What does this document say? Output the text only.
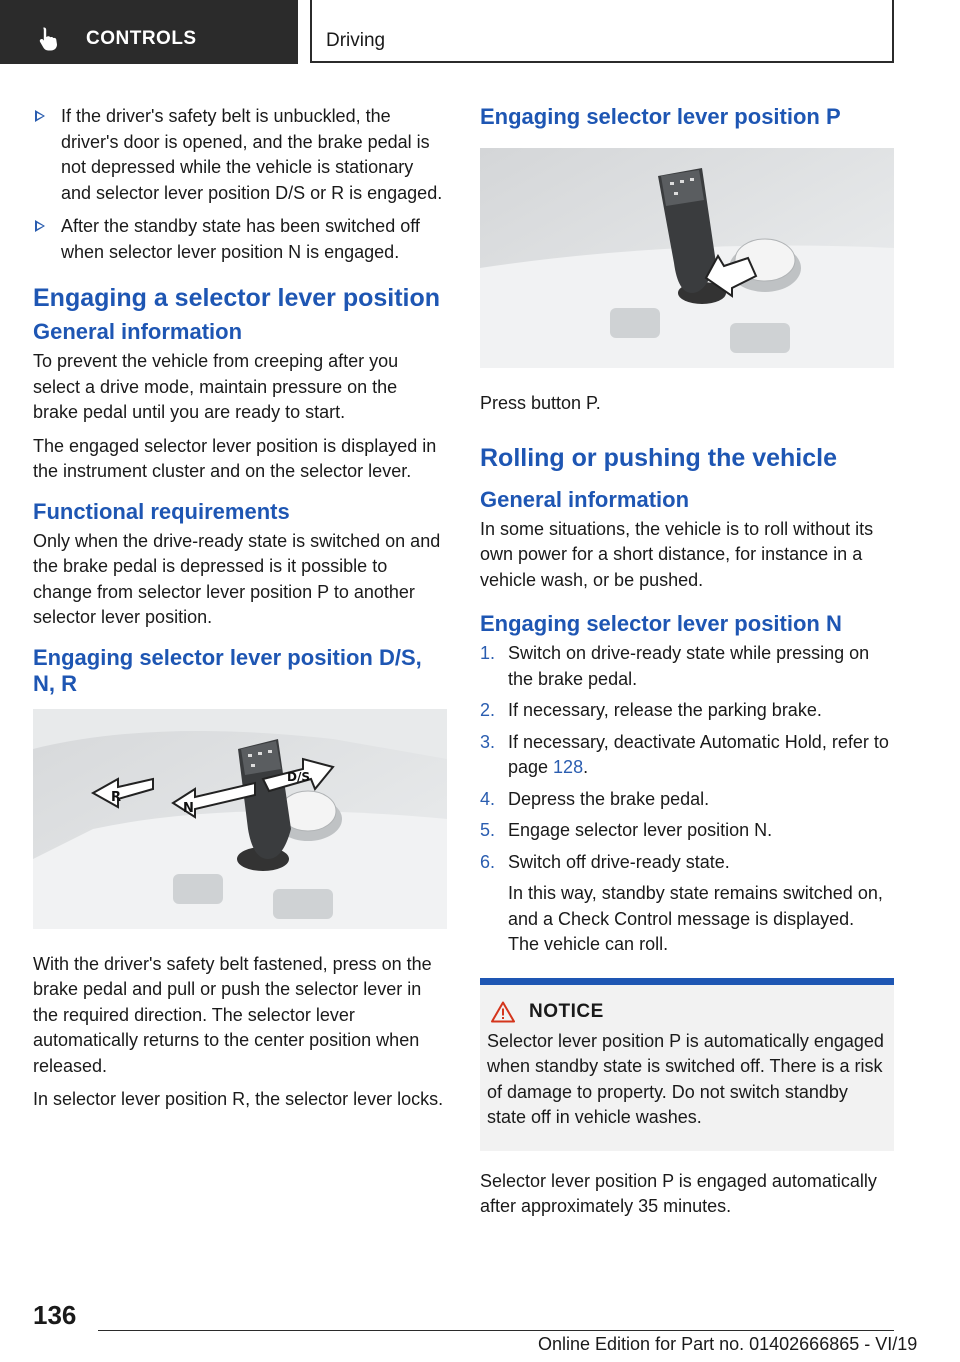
CONTROLS	Driving
If the driver's safety belt is unbuckled, the driver's door is opened, and the brake pedal is not depressed while the vehicle is stationary and selector lever position D/S or R is engaged.
After the standby state has been switched off when selector lever position N is engaged.
Engaging a selector lever position
General information

To prevent the vehicle from creeping after you select a drive mode, maintain pressure on the brake pedal until you are ready to start.

The engaged selector lever position is displayed in the instrument cluster and on the selector lever.

Functional requirements

Only when the drive-ready state is switched on and the brake pedal is depressed is it possible to change from selector lever position P to another selector lever position.

Engaging selector lever position D/S, N, R
R
N
D/S

With the driver's safety belt fastened, press on the brake pedal and pull or push the selector lever in the required direction. The selector lever automatically returns to the center position when released.

In selector lever position R, the selector lever locks.

Engaging selector lever position P

Press button P.

Rolling or pushing the vehicle
General information

In some situations, the vehicle is to roll without its own power for a short distance, for instance in a vehicle wash, or be pushed.

Engaging selector lever position N
1. Switch on drive-ready state while pressing on the brake pedal.
2. If necessary, release the parking brake.
3. If necessary, deactivate Automatic Hold, refer to page 128.
4. Depress the brake pedal.
5. Engage selector lever position N.
6. Switch off drive-ready state.

In this way, standby state remains switched on, and a Check Control message is displayed.

The vehicle can roll.

NOTICE

Selector lever position P is automatically engaged when standby state is switched off. There is a risk of damage to property. Do not switch standby state off in vehicle washes.

Selector lever position P is engaged automatically after approximately 35 minutes.

136
Online Edition for Part no. 01402666865 - VI/19
